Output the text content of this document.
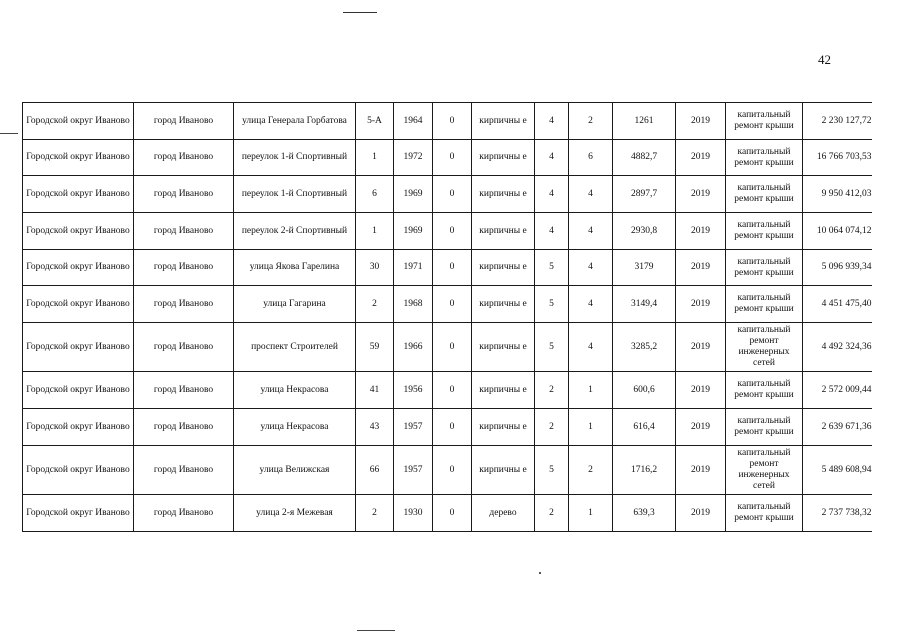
42
Городской округ Иваново	город Иваново	улица Генерала Горбатова	5-А	1964	0	кирпичны е	4	2	1261	2019	капитальный ремонт крыши	2 230 127,72
Городской округ Иваново	город Иваново	переулок 1-й Спортивный	1	1972	0	кирпичны е	4	6	4882,7	2019	капитальный ремонт крыши	16 766 703,53
Городской округ Иваново	город Иваново	переулок 1-й Спортивный	6	1969	0	кирпичны е	4	4	2897,7	2019	капитальный ремонт крыши	9 950 412,03
Городской округ Иваново	город Иваново	переулок 2-й Спортивный	1	1969	0	кирпичны е	4	4	2930,8	2019	капитальный ремонт крыши	10 064 074,12
Городской округ Иваново	город Иваново	улица Якова Гарелина	30	1971	0	кирпичны е	5	4	3179	2019	капитальный ремонт крыши	5 096 939,34
Городской округ Иваново	город Иваново	улица Гагарина	2	1968	0	кирпичны е	5	4	3149,4	2019	капитальный ремонт крыши	4 451 475,40
Городской округ Иваново	город Иваново	проспект Строителей	59	1966	0	кирпичны е	5	4	3285,2	2019	капитальный ремонт инженерных сетей	4 492 324,36
Городской округ Иваново	город Иваново	улица Некрасова	41	1956	0	кирпичны е	2	1	600,6	2019	капитальный ремонт крыши	2 572 009,44
Городской округ Иваново	город Иваново	улица Некрасова	43	1957	0	кирпичны е	2	1	616,4	2019	капитальный ремонт крыши	2 639 671,36
Городской округ Иваново	город Иваново	улица Велижская	66	1957	0	кирпичны е	5	2	1716,2	2019	капитальный ремонт инженерных сетей	5 489 608,94
Городской округ Иваново	город Иваново	улица 2-я Межевая	2	1930	0	дерево	2	1	639,3	2019	капитальный ремонт крыши	2 737 738,32
